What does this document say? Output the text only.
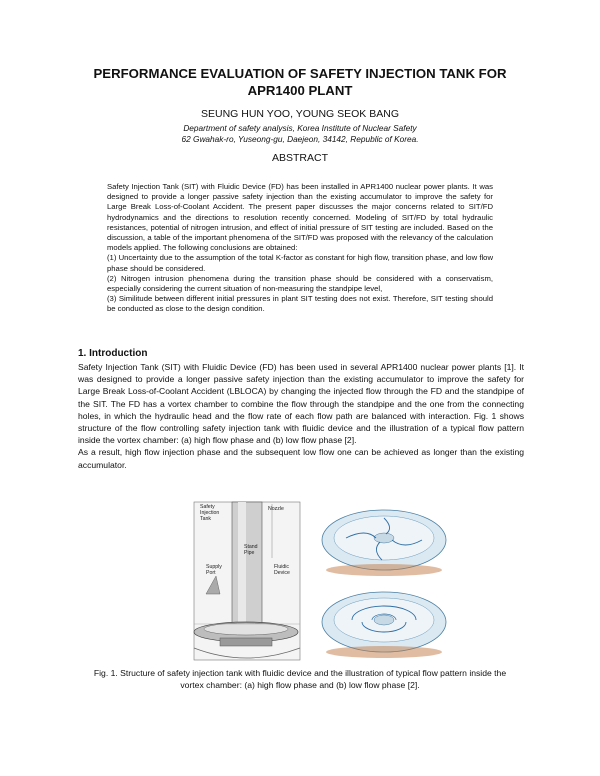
PERFORMANCE EVALUATION OF SAFETY INJECTION TANK FOR
APR1400 PLANT
SEUNG HUN YOO, YOUNG SEOK BANG
Department of safety analysis, Korea Institute of Nuclear Safety
62 Gwahak-ro, Yuseong-gu, Daejeon, 34142, Republic of Korea.
ABSTRACT

Safety Injection Tank (SIT) with Fluidic Device (FD) has been installed in APR1400 nuclear power plants. It was designed to provide a longer passive safety injection than the existing accumulator to improve the safety for Large Break Loss-of-Coolant Accident. The present paper discusses the major concerns related to SIT/FD hydrodynamics and the directions to resolution recently concerned. Modeling of SIT/FD by total hydraulic resistances, potential of nitrogen intrusion, and effect of initial pressure of SIT testing are included. Based on the discussion, a table of the important phenomena of the SIT/FD was proposed with the relevancy of the calculation models applied. The following conclusions are obtained:

(1) Uncertainty due to the assumption of the total K-factor as constant for high flow, transition phase, and low flow phase should be considered.

(2) Nitrogen intrusion phenomena during the transition phase should be considered with a conservatism, especially considering the current situation of non-measuring the standpipe level,

(3) Similitude between different initial pressures in plant SIT testing does not exist. Therefore, SIT testing should be conducted as close to the design condition.

1. Introduction

Safety Injection Tank (SIT) with Fluidic Device (FD) has been used in several APR1400 nuclear power plants [1]. It was designed to provide a longer passive safety injection than the existing accumulator to improve the safety for Large Break Loss-of-Coolant Accident (LBLOCA) by changing the injected flow through the FD and the standpipe of the SIT. The FD has a vortex chamber to combine the flow through the standpipe and the one from the connecting holes, in which the hydraulic head and the flow rate of each flow path are balanced with interaction. Fig. 1 shows structure of the flow controlling safety injection tank with fluidic device and the illustration of a typical flow pattern inside the vortex chamber: (a) high flow phase and (b) low flow phase [2].

As a result, high flow injection phase and the subsequent low flow one can be achieved as longer than the existing accumulator.

Safety
Injection
Tank
Nozzle
Stand
Pipe
Supply
Port
Fluidic
Device
Fig. 1. Structure of safety injection tank with fluidic device and the illustration of typical flow pattern inside the vortex chamber: (a) high flow phase and (b) low flow phase [2].
